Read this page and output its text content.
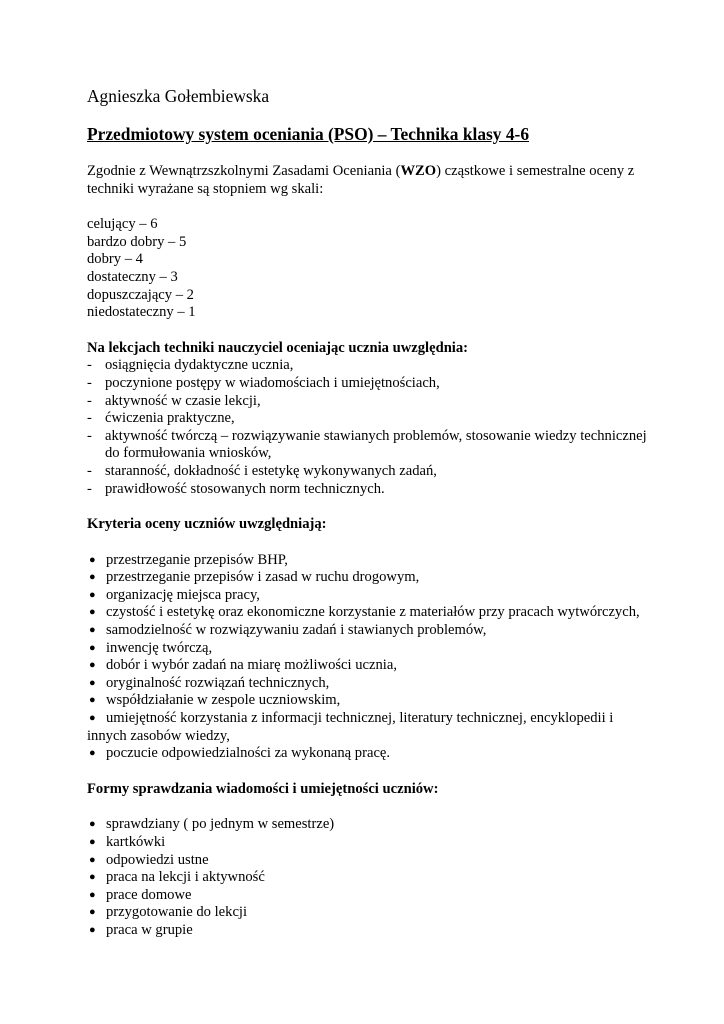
Agnieszka Gołembiewska

Przedmiotowy system oceniania (PSO) – Technika klasy 4-6

Zgodnie z Wewnątrzszkolnymi Zasadami Oceniania (WZO) cząstkowe i semestralne oceny z techniki wyrażane są stopniem wg skali:

celujący – 6
bardzo dobry – 5
dobry – 4
dostateczny – 3
dopuszczający – 2
niedostateczny – 1

Na lekcjach techniki nauczyciel oceniając ucznia uwzględnia:

- osiągnięcia dydaktyczne ucznia,
- poczynione postępy w wiadomościach i umiejętnościach,
- aktywność w czasie lekcji,
- ćwiczenia praktyczne,
- aktywność twórczą – rozwiązywanie stawianych problemów, stosowanie wiedzy technicznej do formułowania wniosków,
- staranność, dokładność i estetykę wykonywanych zadań,
- prawidłowość stosowanych norm technicznych.

Kryteria oceny uczniów uwzględniają:

● przestrzeganie przepisów BHP,
● przestrzeganie przepisów i zasad w ruchu drogowym,
● organizację miejsca pracy,
● czystość i estetykę oraz ekonomiczne korzystanie z materiałów przy pracach wytwórczych,
● samodzielność w rozwiązywaniu zadań i stawianych problemów,
● inwencję twórczą,
● dobór i wybór zadań na miarę możliwości ucznia,
● oryginalność rozwiązań technicznych,
● współdziałanie w zespole uczniowskim,
● umiejętność korzystania z informacji technicznej, literatury technicznej, encyklopedii i innych zasobów wiedzy,
● poczucie odpowiedzialności za wykonaną pracę.

Formy sprawdzania wiadomości i umiejętności uczniów:

● sprawdziany ( po jednym w semestrze)
● kartkówki
● odpowiedzi ustne
● praca na lekcji i aktywność
● prace domowe
● przygotowanie do lekcji
● praca w grupie
